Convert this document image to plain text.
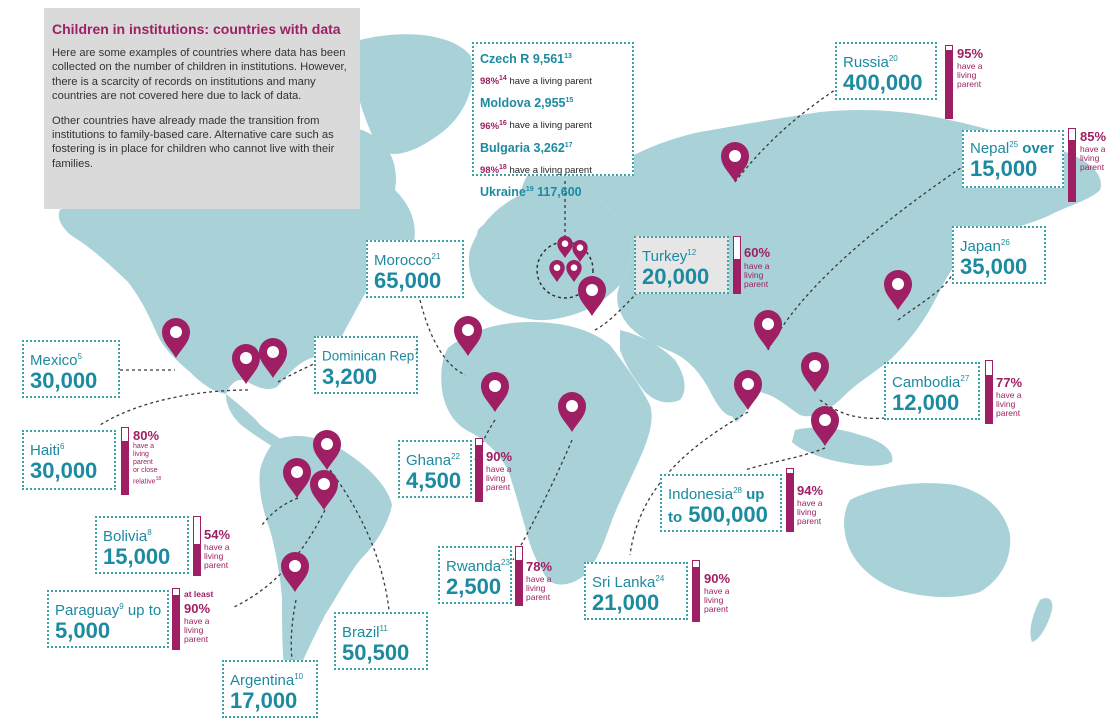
Children in institutions: countries with data

Here are some examples of countries where data has been collected on the number of children in institutions. However, there is a scarcity of records on institutions and many countries are not covered here due to lack of data.

Other countries have already made the transition from institutions to family-based care. Alternative care such as fostering is in place for children who cannot live with their families.

Czech R 9,561$^{13}$
98%$^{14}$ have a living parent
Moldova 2,955$^{15}$
96%$^{16}$ have a living parent
Bulgaria 3,262$^{17}$
98%$^{18}$ have a living parent
Ukraine$^{19}$ 117,600
Russia$^{20}$
400,000
95%
have a
living
parent
Nepal$^{25}$ over
15,000
85%
have a
living
parent
Japan$^{26}$
35,000
Turkey$^{12}$
20,000
60%
have a
living
parent
Morocco$^{21}$
65,000
Mexico$^5$
30,000
Dominican Rep$^7$
3,200
Haiti$^6$
30,000
80%
have a
living
parent
or close
relative$^{18}$
Ghana$^{22}$
4,500
90%
have a
living
parent
Cambodia$^{27}$
12,000
77%
have a
living
parent
Indonesia$^{28}$ up
to 500,000
94%
have a
living
parent
Bolivia$^8$
15,000
54%
have a
living
parent
Paraguay$^9$ up to
5,000
at least
90%
have a
living
parent
Rwanda$^{23}$
2,500
78%
have a
living
parent
Sri Lanka$^{24}$
21,000
90%
have a
living
parent
Brazil$^{11}$
50,500
Argentina$^{10}$
17,000
